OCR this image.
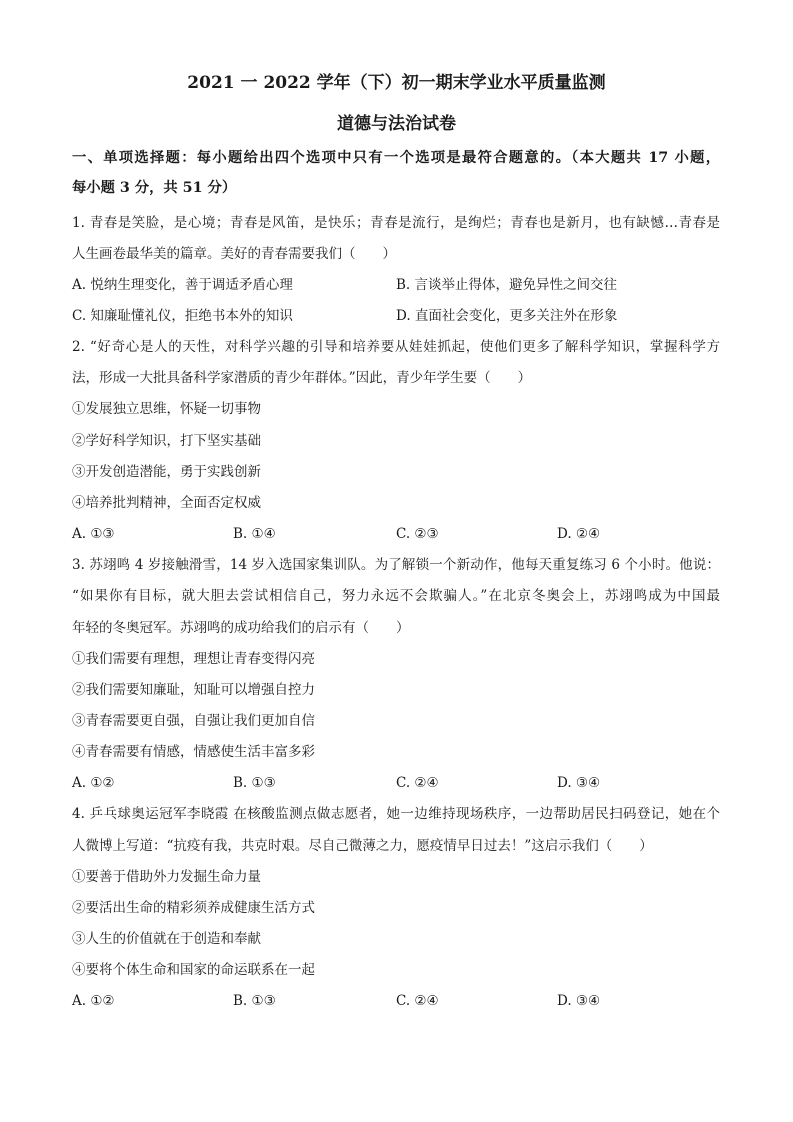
2021 一 2022 学年（下）初一期末学业水平质量监测
道德与法治试卷
一、单项选择题：每小题给出四个选项中只有一个选项是最符合题意的。（本大题共 17 小题，
每小题 3 分，共 51 分）
1. 青春是笑脸，是心境；青春是风笛，是快乐；青春是流行，是绚烂；青春也是新月，也有缺憾…青春是
人生画卷最华美的篇章。美好的青春需要我们（　　）
A. 悦纳生理变化，善于调适矛盾心理	B. 言谈举止得体，避免异性之间交往
C. 知廉耻懂礼仪，拒绝书本外的知识	D. 直面社会变化，更多关注外在形象
2. “好奇心是人的天性，对科学兴趣的引导和培养要从娃娃抓起，使他们更多了解科学知识，掌握科学方
法，形成一大批具备科学家潜质的青少年群体。”因此，青少年学生要（　　）
①发展独立思维，怀疑一切事物
②学好科学知识，打下坚实基础
③开发创造潜能，勇于实践创新
④培养批判精神，全面否定权威
A. ①③	B. ①④	C. ②③	D. ②④
3. 苏翊鸣 4 岁接触滑雪，14 岁入选国家集训队。为了解锁一个新动作，他每天重复练习 6 个小时。他说：
“如果你有目标，就大胆去尝试相信自己，努力永远不会欺骗人。”在北京冬奥会上，苏翊鸣成为中国最
年轻的冬奥冠军。苏翊鸣的成功给我们的启示有（　　）
①我们需要有理想，理想让青春变得闪亮
②我们需要知廉耻，知耻可以增强自控力
③青春需要更自强，自强让我们更加自信
④青春需要有情感，情感使生活丰富多彩
A. ①②	B. ①③	C. ②④	D. ③④
4. 乒乓球奥运冠军李晓霞 在核酸监测点做志愿者，她一边维持现场秩序，一边帮助居民扫码登记，她在个
人微博上写道：“抗疫有我，共克时艰。尽自己微薄之力，愿疫情早日过去！”这启示我们（　　）
①要善于借助外力发掘生命力量
②要活出生命的精彩须养成健康生活方式
③人生的价值就在于创造和奉献
④要将个体生命和国家的命运联系在一起
A. ①②	B. ①③	C. ②④	D. ③④
